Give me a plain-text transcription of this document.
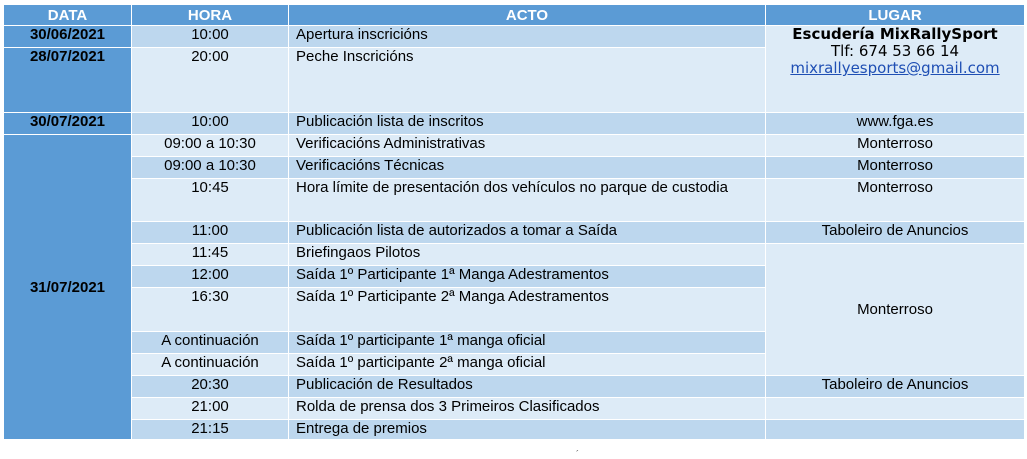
DATA	HORA	ACTO	LUGAR
30/06/2021	10:00	Apertura inscricións	Escudería MixRallySport
Tlf: 674 53 66 14
mixrallyesports@gmail.com

28/07/2021	20:00	Peche Inscricións	
30/07/2021	10:00	Publicación lista de inscritos	www.fga.es
31/07/2021	09:00 a 10:30	Verificacións Administrativas	Monterroso
	09:00 a 10:30	Verificacións Técnicas	Monterroso
	10:45	Hora límite de presentación dos vehículos no parque de custodia	Monterroso
	11:00	Publicación lista de autorizados a tomar a Saída	Taboleiro de Anuncios
	11:45	Briefingaos Pilotos	Monterroso
	12:00	Saída 1º Participante 1ª Manga Adestramentos	
	16:30	Saída 1º Participante 2ª Manga Adestramentos	
	A continuación	Saída 1º participante 1ª manga oficial	
	A continuación	Saída 1º participante 2ª manga oficial	
	20:30	Publicación de Resultados	Taboleiro de Anuncios
	21:00	Rolda de prensa dos 3 Primeiros Clasificados	
	21:15	Entrega de premios	
´
